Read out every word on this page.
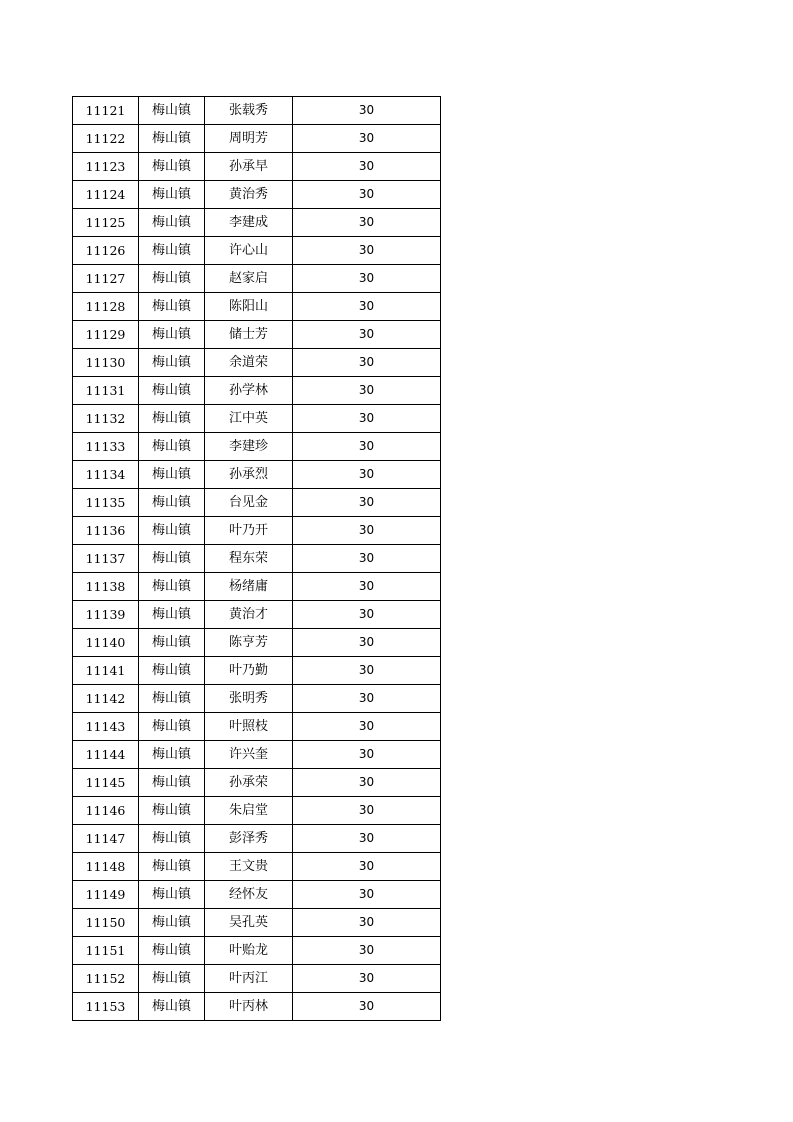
11121	梅山镇	张载秀	30
11122	梅山镇	周明芳	30
11123	梅山镇	孙承早	30
11124	梅山镇	黄治秀	30
11125	梅山镇	李建成	30
11126	梅山镇	许心山	30
11127	梅山镇	赵家启	30
11128	梅山镇	陈阳山	30
11129	梅山镇	储士芳	30
11130	梅山镇	余道荣	30
11131	梅山镇	孙学林	30
11132	梅山镇	江中英	30
11133	梅山镇	李建珍	30
11134	梅山镇	孙承烈	30
11135	梅山镇	台见金	30
11136	梅山镇	叶乃开	30
11137	梅山镇	程东荣	30
11138	梅山镇	杨绪庸	30
11139	梅山镇	黄治才	30
11140	梅山镇	陈亨芳	30
11141	梅山镇	叶乃勤	30
11142	梅山镇	张明秀	30
11143	梅山镇	叶照枝	30
11144	梅山镇	许兴奎	30
11145	梅山镇	孙承荣	30
11146	梅山镇	朱启堂	30
11147	梅山镇	彭泽秀	30
11148	梅山镇	王文贵	30
11149	梅山镇	经怀友	30
11150	梅山镇	吴孔英	30
11151	梅山镇	叶贻龙	30
11152	梅山镇	叶丙江	30
11153	梅山镇	叶丙林	30
